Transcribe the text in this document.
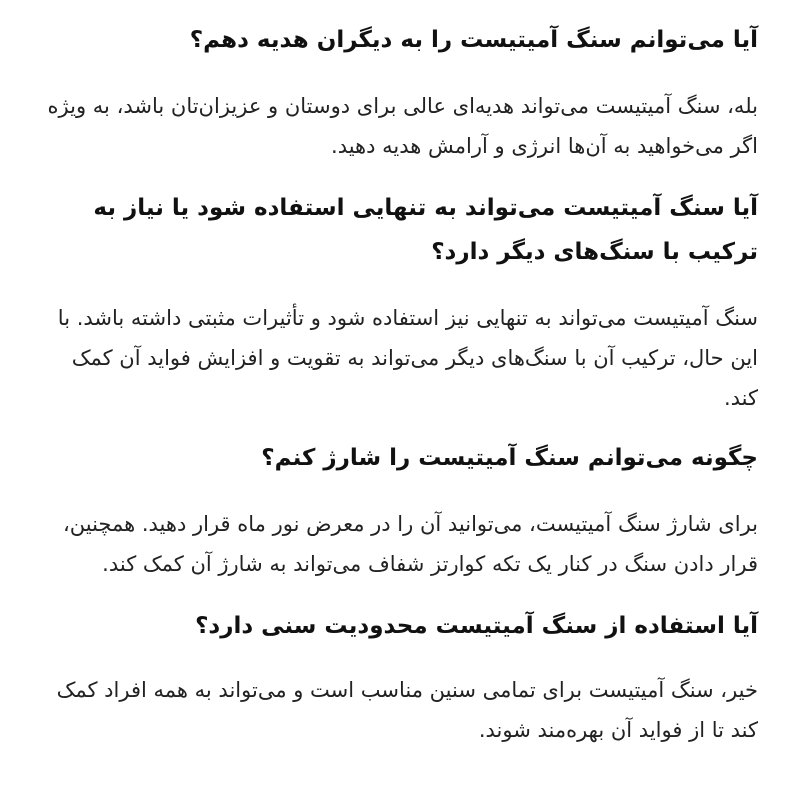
آیا می‌توانم سنگ آمیتیست را به دیگران هدیه دهم؟

بله، سنگ آمیتیست می‌تواند هدیه‌ای عالی برای دوستان و عزیزان‌تان باشد، به ویژه اگر می‌خواهید به آن‌ها انرژی و آرامش هدیه دهید.

آیا سنگ آمیتیست می‌تواند به تنهایی استفاده شود یا نیاز به ترکیب با سنگ‌های دیگر دارد؟

سنگ آمیتیست می‌تواند به تنهایی نیز استفاده شود و تأثیرات مثبتی داشته باشد. با این حال، ترکیب آن با سنگ‌های دیگر می‌تواند به تقویت و افزایش فواید آن کمک کند.

چگونه می‌توانم سنگ آمیتیست را شارژ کنم؟

برای شارژ سنگ آمیتیست، می‌توانید آن را در معرض نور ماه قرار دهید. همچنین، قرار دادن سنگ در کنار یک تکه کوارتز شفاف می‌تواند به شارژ آن کمک کند.

آیا استفاده از سنگ آمیتیست محدودیت سنی دارد؟

خیر، سنگ آمیتیست برای تمامی سنین مناسب است و می‌تواند به همه افراد کمک کند تا از فواید آن بهره‌مند شوند.
